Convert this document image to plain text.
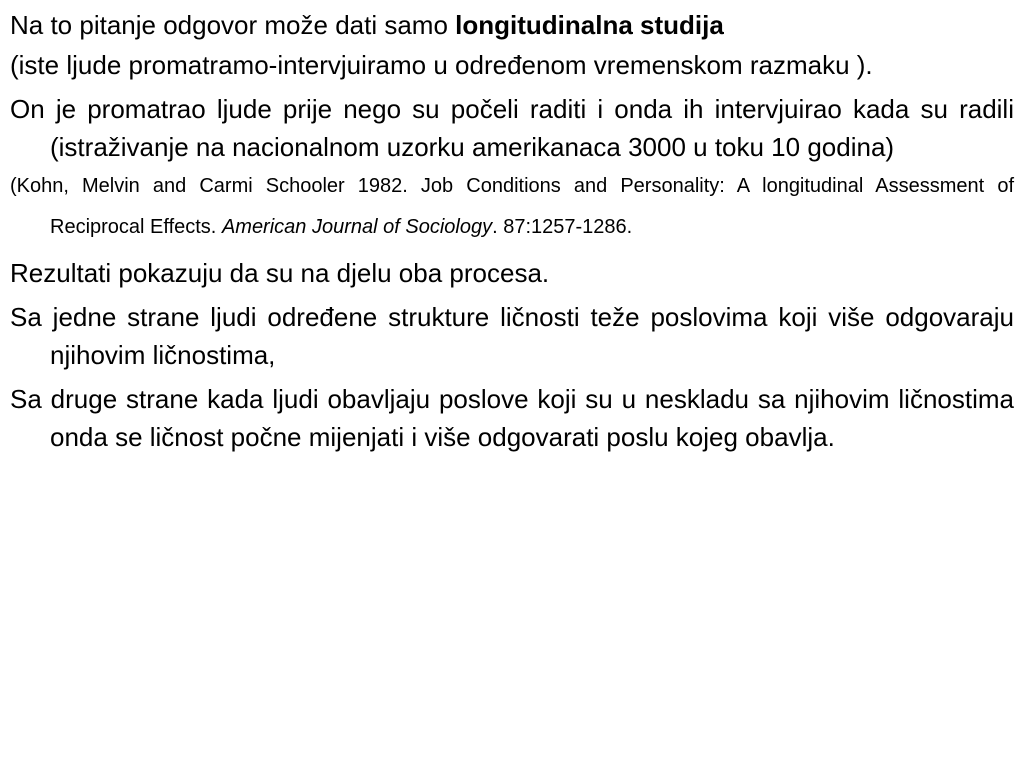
Na to pitanje odgovor može dati samo longitudinalna studija

(iste ljude promatramo-intervjuiramo u određenom vremenskom razmaku ).

On je promatrao ljude prije nego su počeli raditi i onda ih intervjuirao kada su radili (istraživanje na nacionalnom uzorku amerikanaca 3000 u toku 10 godina)

(Kohn, Melvin and Carmi Schooler 1982. Job Conditions and Personality: A longitudinal Assessment of Reciprocal Effects. American Journal of Sociology. 87:1257-1286.

Rezultati pokazuju da su na djelu oba procesa.

Sa jedne strane ljudi određene strukture ličnosti teže poslovima koji više odgovaraju njihovim ličnostima,

Sa druge strane kada ljudi obavljaju poslove koji su u neskladu sa njihovim ličnostima onda se ličnost počne mijenjati i više odgovarati poslu kojeg obavlja.
